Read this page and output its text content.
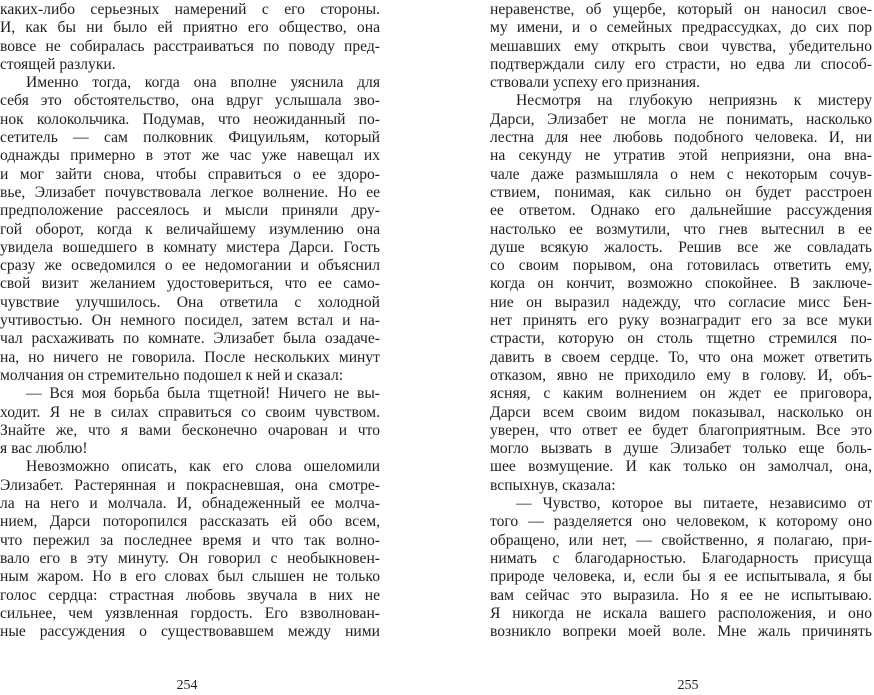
каких-либо серьезных намерений с его стороны.
И, как бы ни было ей приятно его общество, она
вовсе не собиралась расстраиваться по поводу пред-
стоящей разлуки.
Именно тогда, когда она вполне уяснила для
себя это обстоятельство, она вдруг услышала зво-
нок колокольчика. Подумав, что неожиданный по-
сетитель — сам полковник Фицуильям, который
однажды примерно в этот же час уже навещал их
и мог зайти снова, чтобы справиться о ее здоро-
вье, Элизабет почувствовала легкое волнение. Но ее
предположение рассеялось и мысли приняли дру-
гой оборот, когда к величайшему изумлению она
увидела вошедшего в комнату мистера Дарси. Гость
сразу же осведомился о ее недомогании и объяснил
свой визит желанием удостовериться, что ее само-
чувствие улучшилось. Она ответила с холодной
учтивостью. Он немного посидел, затем встал и на-
чал расхаживать по комнате. Элизабет была озадаче-
на, но ничего не говорила. После нескольких минут
молчания он стремительно подошел к ней и сказал:
— Вся моя борьба была тщетной! Ничего не вы-
ходит. Я не в силах справиться со своим чувством.
Знайте же, что я вами бесконечно очарован и что
я вас люблю!
Невозможно описать, как его слова ошеломили
Элизабет. Растерянная и покрасневшая, она смотре-
ла на него и молчала. И, обнадеженный ее молча-
нием, Дарси поторопился рассказать ей обо всем,
что пережил за последнее время и что так волно-
вало его в эту минуту. Он говорил с необыкновен-
ным жаром. Но в его словах был слышен не только
голос сердца: страстная любовь звучала в них не
сильнее, чем уязвленная гордость. Его взволнован-
ные рассуждения о существовавшем между ними
неравенстве, об ущербе, который он наносил свое-
му имени, и о семейных предрассудках, до сих пор
мешавших ему открыть свои чувства, убедительно
подтверждали силу его страсти, но едва ли способ-
ствовали успеху его признания.
Несмотря на глубокую неприязнь к мистеру
Дарси, Элизабет не могла не понимать, насколько
лестна для нее любовь подобного человека. И, ни
на секунду не утратив этой неприязни, она вна-
чале даже размышляла о нем с некоторым сочув-
ствием, понимая, как сильно он будет расстроен
ее ответом. Однако его дальнейшие рассуждения
настолько ее возмутили, что гнев вытеснил в ее
душе всякую жалость. Решив все же совладать
со своим порывом, она готовилась ответить ему,
когда он кончит, возможно спокойнее. В заключе-
ние он выразил надежду, что согласие мисс Бен-
нет принять его руку вознаградит его за все муки
страсти, которую он столь тщетно стремился по-
давить в своем сердце. То, что она может ответить
отказом, явно не приходило ему в голову. И, объ-
ясняя, с каким волнением он ждет ее приговора,
Дарси всем своим видом показывал, насколько он
уверен, что ответ ее будет благоприятным. Все это
могло вызвать в душе Элизабет только еще боль-
шее возмущение. И как только он замолчал, она,
вспыхнув, сказала:
— Чувство, которое вы питаете, независимо от
того — разделяется оно человеком, к которому оно
обращено, или нет, — свойственно, я полагаю, при-
нимать с благодарностью. Благодарность присуща
природе человека, и, если бы я ее испытывала, я бы
вам сейчас это выразила. Но я ее не испытываю.
Я никогда не искала вашего расположения, и оно
возникло вопреки моей воле. Мне жаль причинять
254	255
